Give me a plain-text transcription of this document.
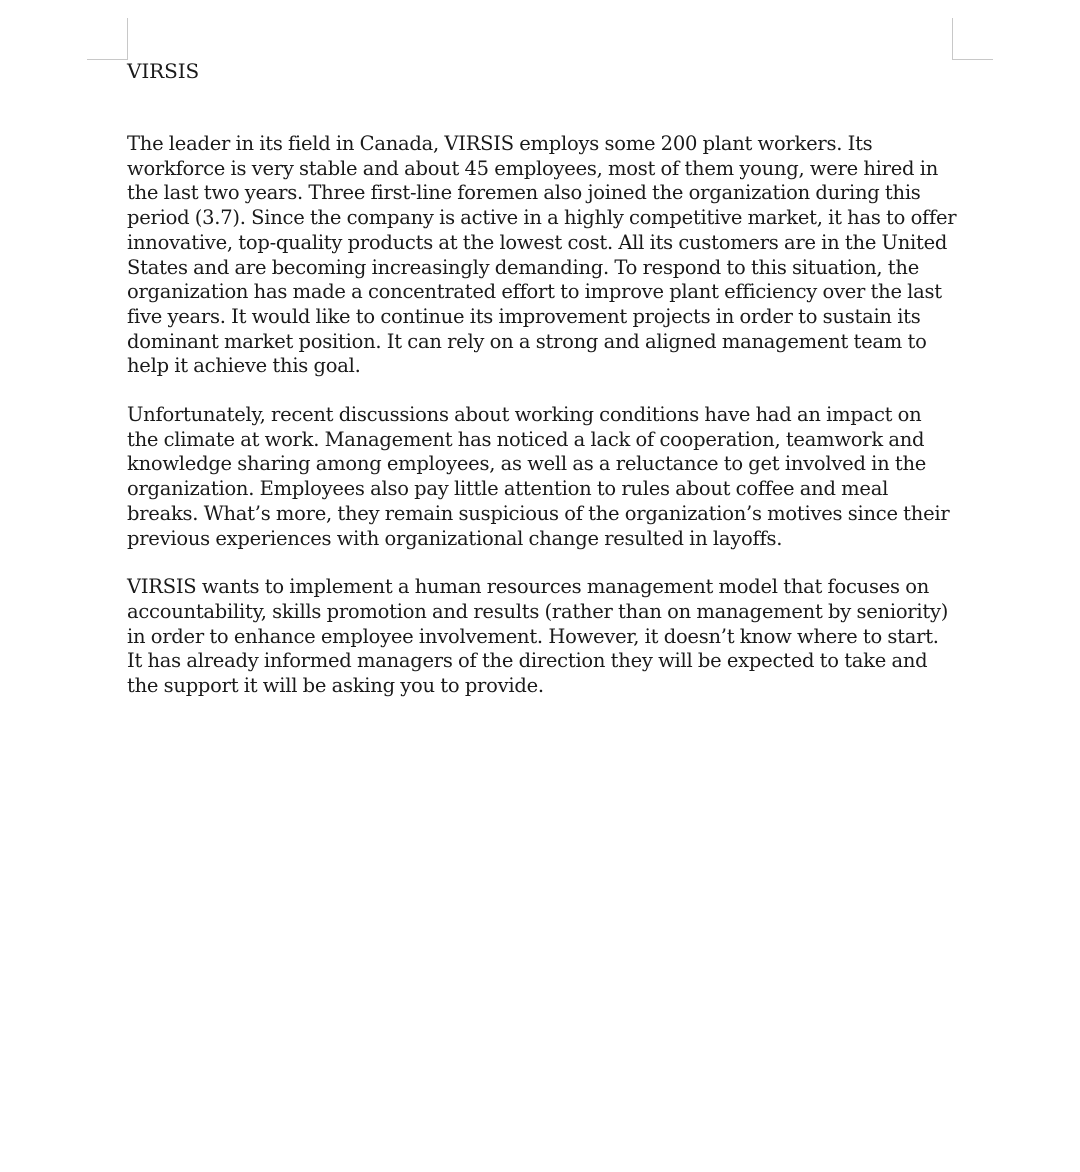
VIRSIS

The leader in its field in Canada, VIRSIS employs some 200 plant workers. Its workforce is very stable and about 45 employees, most of them young, were hired in the last two years. Three first-line foremen also joined the organization during this period (3.7). Since the company is active in a highly competitive market, it has to offer innovative, top-quality products at the lowest cost. All its customers are in the United States and are becoming increasingly demanding. To respond to this situation, the organization has made a concentrated effort to improve plant efficiency over the last five years. It would like to continue its improvement projects in order to sustain its dominant market position. It can rely on a strong and aligned management team to help it achieve this goal.

Unfortunately, recent discussions about working conditions have had an impact on the climate at work. Management has noticed a lack of cooperation, teamwork and knowledge sharing among employees, as well as a reluctance to get involved in the organization. Employees also pay little attention to rules about coffee and meal breaks. What’s more, they remain suspicious of the organization’s motives since their previous experiences with organizational change resulted in layoffs.

VIRSIS wants to implement a human resources management model that focuses on accountability, skills promotion and results (rather than on management by seniority) in order to enhance employee involvement. However, it doesn’t know where to start. It has already informed managers of the direction they will be expected to take and the support it will be asking you to provide.
